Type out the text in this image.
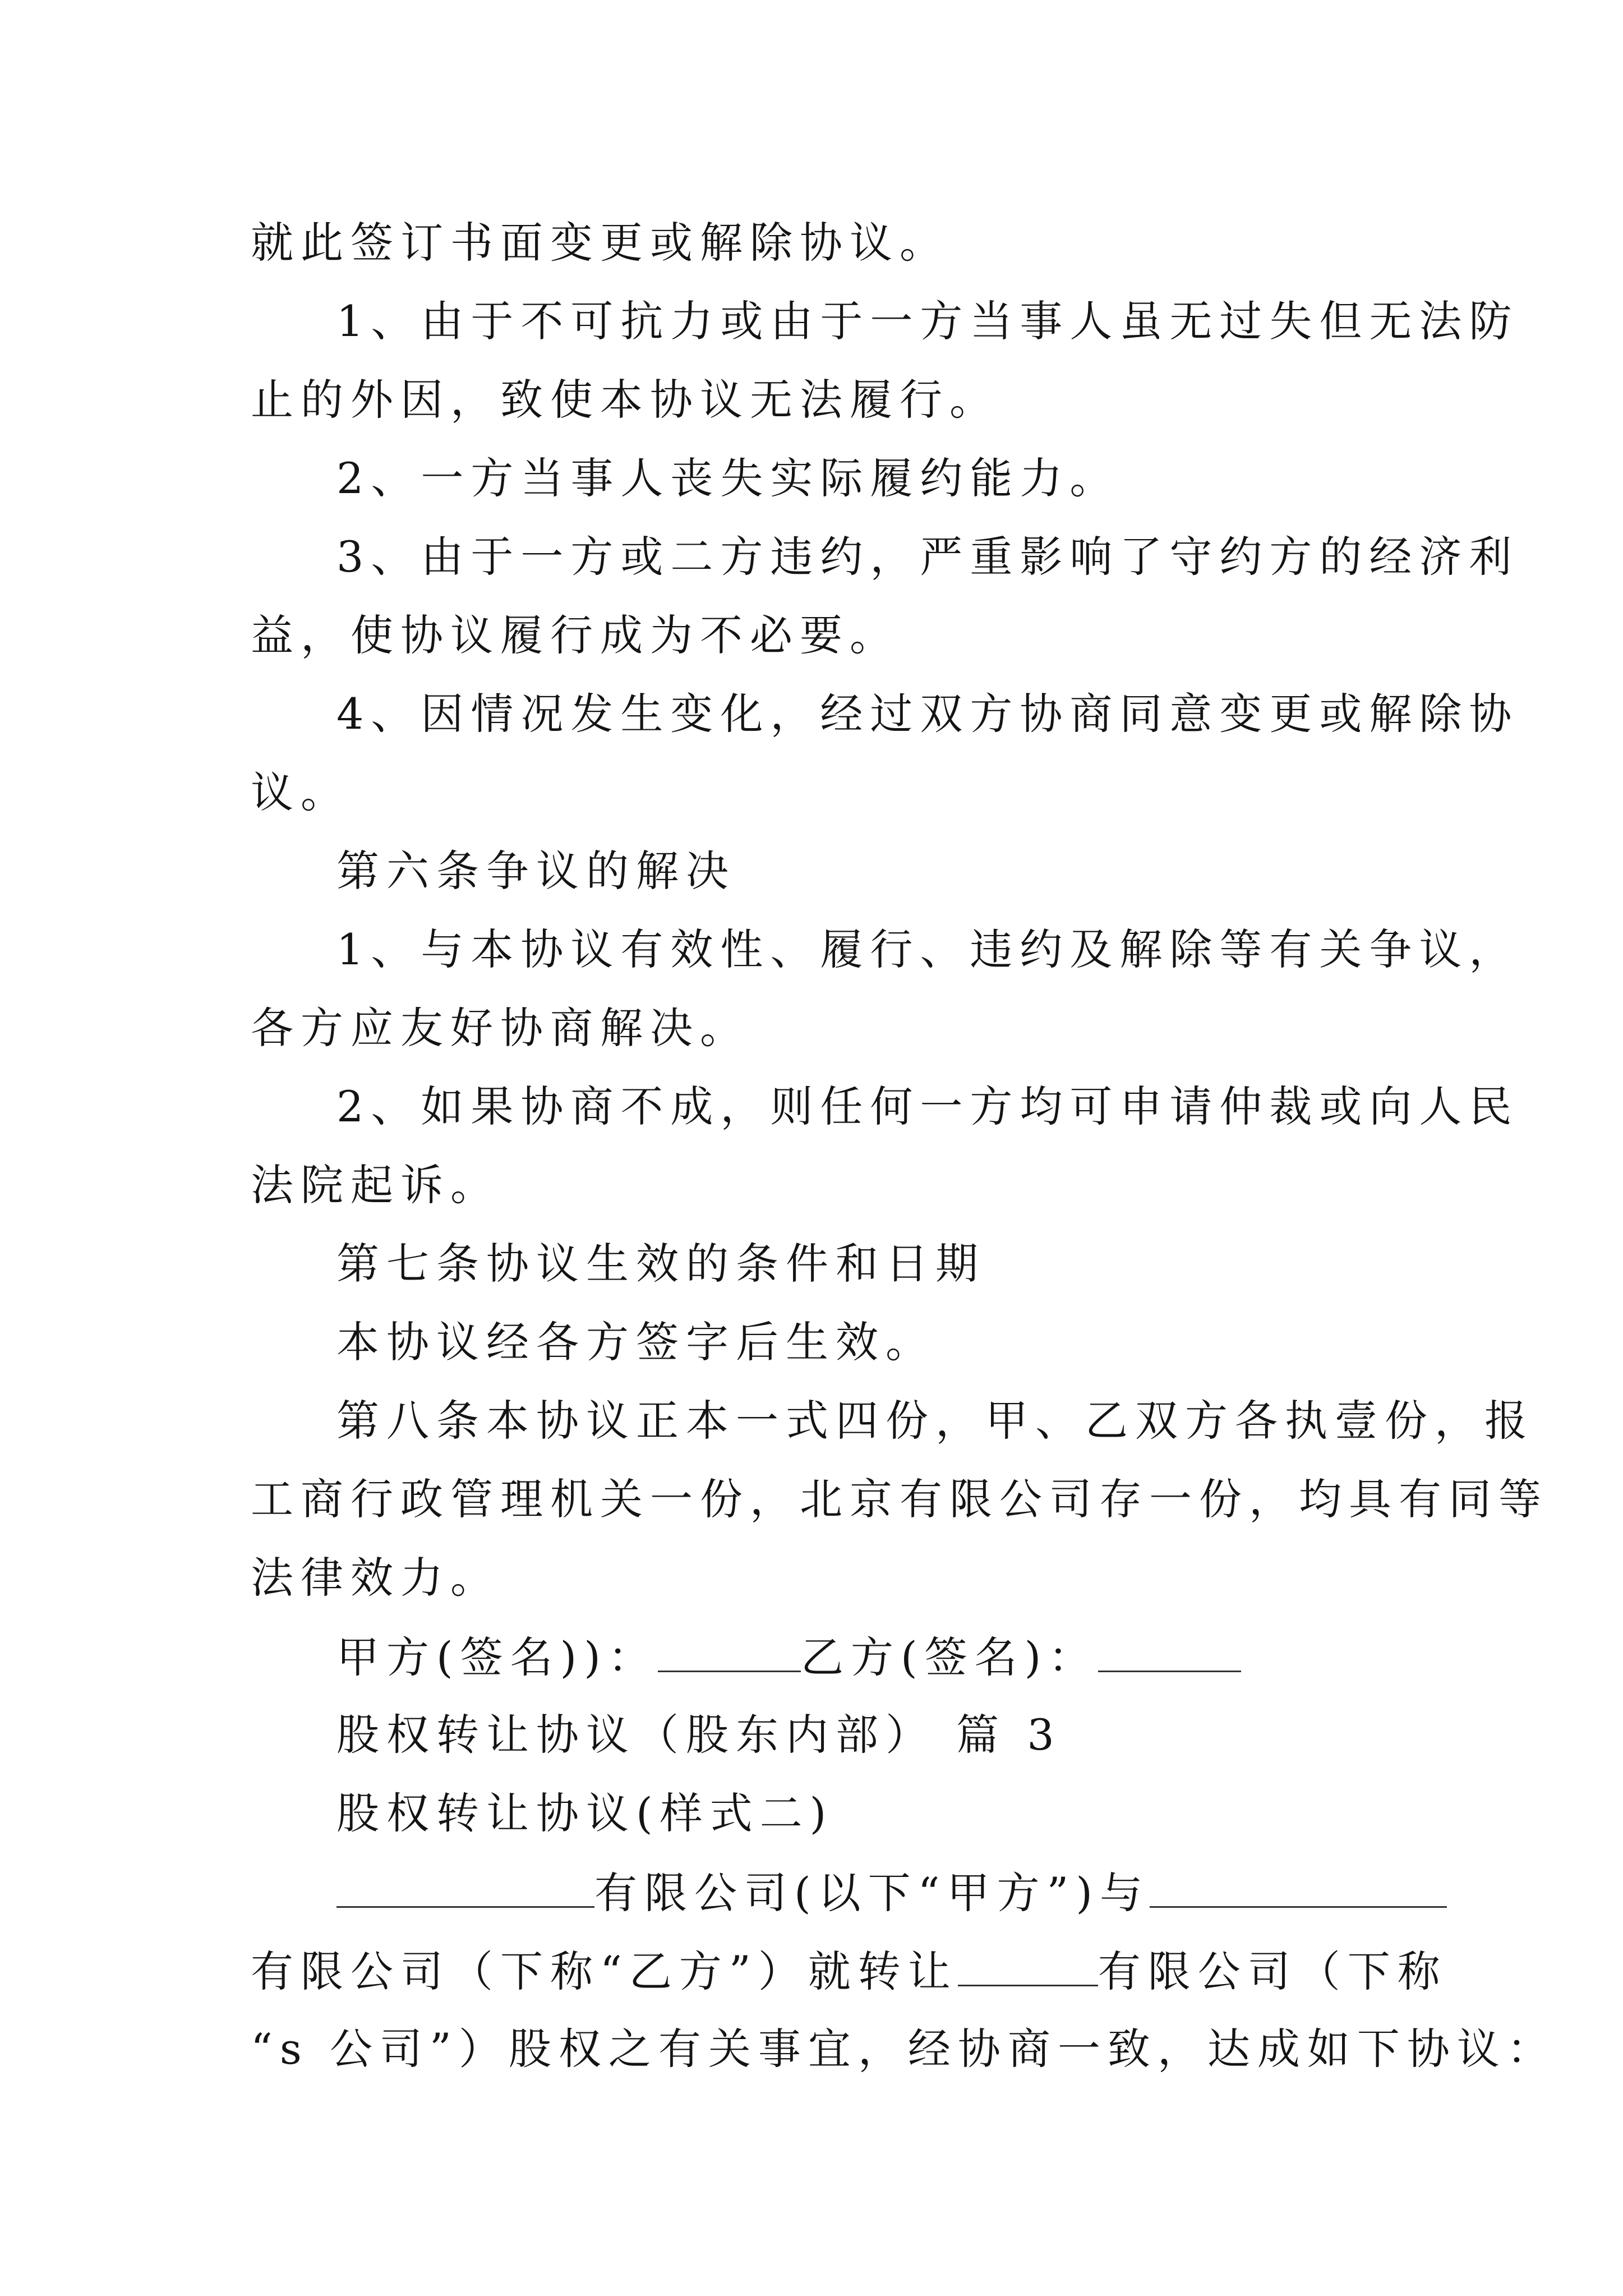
就此签订书面变更或解除协议。
1、由于不可抗力或由于一方当事人虽无过失但无法防
止的外因，致使本协议无法履行。
2、一方当事人丧失实际履约能力。
3、由于一方或二方违约，严重影响了守约方的经济利
益，使协议履行成为不必要。
4、因情况发生变化，经过双方协商同意变更或解除协
议。
第六条争议的解决
1、与本协议有效性、履行、违约及解除等有关争议，
各方应友好协商解决。
2、如果协商不成，则任何一方均可申请仲裁或向人民
法院起诉。
第七条协议生效的条件和日期
本协议经各方签字后生效。
第八条本协议正本一式四份，甲、乙双方各执壹份，报
工商行政管理机关一份，北京有限公司存一份，均具有同等
法律效力。
甲方(签名))：	乙方(签名)：
股权转让协议（股东内部） 篇 3
股权转让协议(样式二)
有限公司(以下“甲方”)与
有限公司（下称“乙方”）就转让	有限公司（下称
“s 公司”）股权之有关事宜，经协商一致，达成如下协议：
